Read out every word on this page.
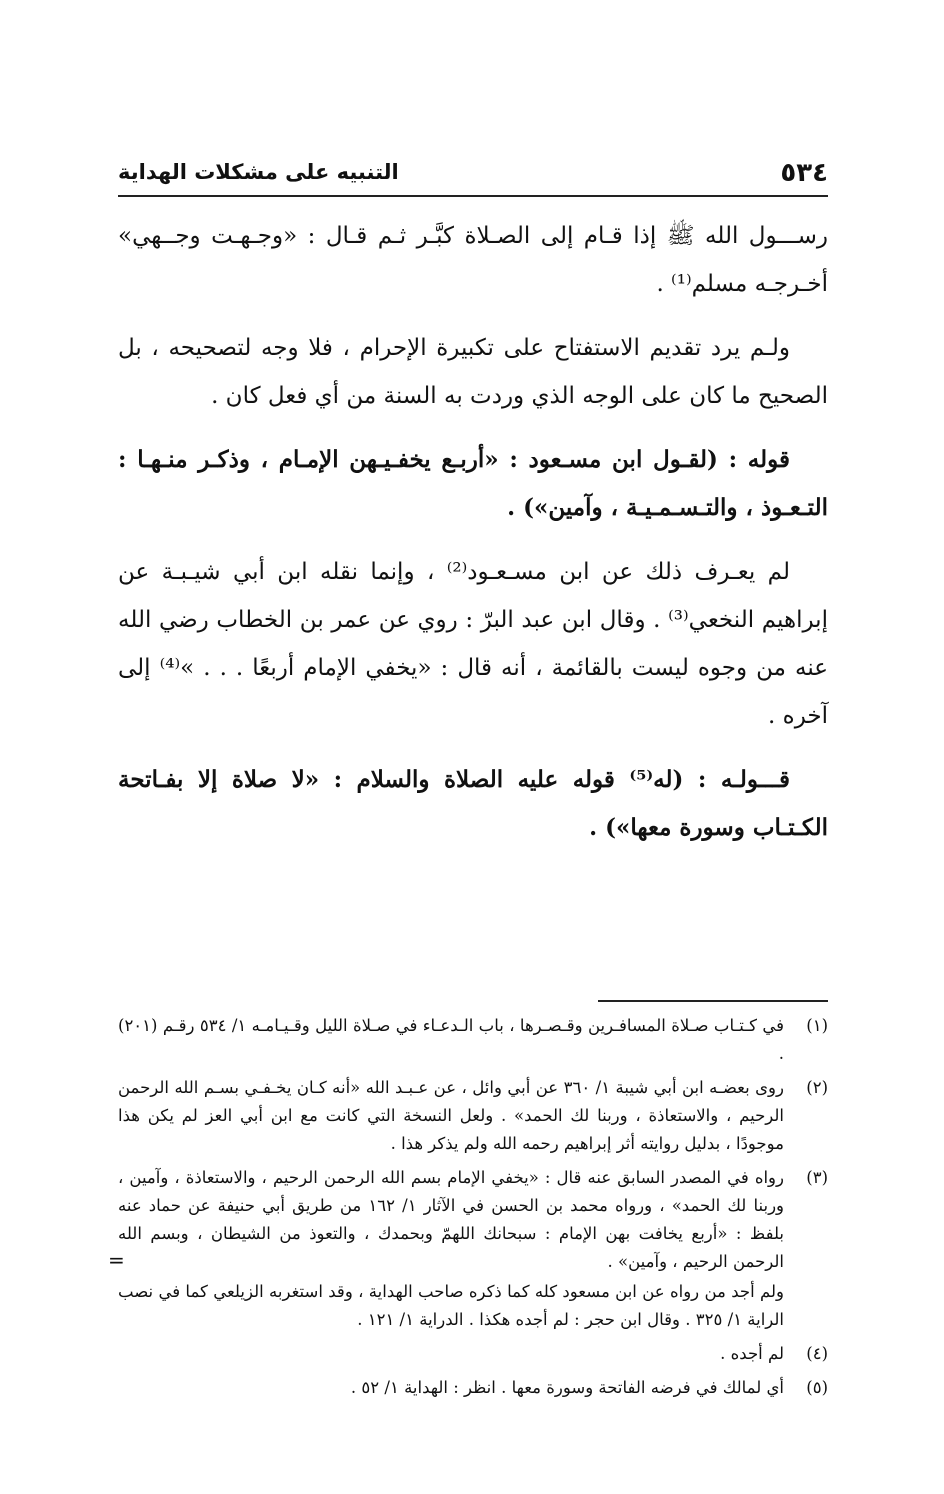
٥٣٤
التنبيه على مشكلات الهداية

رســـول الله ﷺ إذا قـام إلى الصـلاة كبَّـر ثـم قـال : «وجـهـت وجــهي» أخـرجـه مسلم⁽¹⁾ .

ولـم يرد تقديم الاستفتاح على تكبيرة الإحرام ، فلا وجه لتصحيحه ، بل الصحيح ما كان على الوجه الذي وردت به السنة من أي فعل كان .

قوله : (لقـول ابن مسـعود : «أربـع يخفـيـهن الإمـام ، وذكـر منـهـا : التـعـوذ ، والتـسـمـيـة ، وآمين») .

لم يعـرف ذلك عن ابن مسـعـود⁽²⁾ ، وإنما نقله ابن أبي شيـبـة عن إبراهيم النخعي⁽³⁾ . وقال ابن عبد البرّ : روي عن عمر بن الخطاب رضي الله عنه من وجوه ليست بالقائمة ، أنه قال : «يخفي الإمام أربعًا . . . »⁽⁴⁾ إلى آخره .

قـــولـه : (له⁽⁵⁾ قوله عليه الصلاة والسلام : «لا صلاة إلا بفـاتحة الكـتـاب وسورة معها») .

(١)
في كـتـاب صـلاة المسافـرين وقـصـرها ، باب الـدعـاء في صـلاة الليل وقـيـامـه ١/ ٥٣٤ رقـم (٢٠١) .
(٢)
روى بعضـه ابن أبي شيبة ١/ ٣٦٠ عن أبي وائل ، عن عـبـد الله «أنه كـان يخـفـي بسـم الله الرحمن الرحيم ، والاستعاذة ، وربنا لك الحمد» . ولعل النسخة التي كانت مع ابن أبي العز لم يكن هذا موجودًا ، بدليل روايته أثر إبراهيم رحمه الله ولم يذكر هذا .
(٣)
رواه في المصدر السابق عنه قال : «يخفي الإمام بسم الله الرحمن الرحيم ، والاستعاذة ، وآمين ، وربنا لك الحمد» ، ورواه محمد بن الحسن في الآثار ١/ ١٦٢ من طريق أبي حنيفة عن حماد عنه بلفظ : «أربع يخافت بهن الإمام : سبحانك اللهمّ وبحمدك ، والتعوذ من الشيطان ، وبسم الله الرحمن الرحيم ، وآمين» .
ولم أجد من رواه عن ابن مسعود كله كما ذكره صاحب الهداية ، وقد استغربه الزيلعي كما في نصب الراية ١/ ٣٢٥ . وقال ابن حجر : لم أجده هكذا . الدراية ١/ ١٢١ .
(٤)
لم أجده .
(٥)
أي لمالك في فرضه الفاتحة وسورة معها . انظر : الهداية ١/ ٥٢ .
=
